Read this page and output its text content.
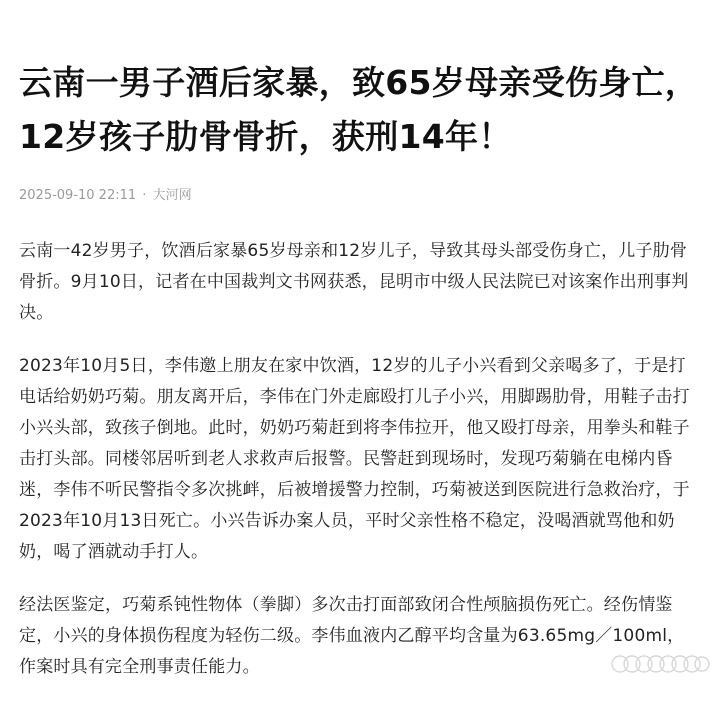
云南一男子酒后家暴，致65岁母亲受伤身亡，12岁孩子肋骨骨折，获刑14年！
2025-09-10 22:11 · 大河网

云南一42岁男子，饮酒后家暴65岁母亲和12岁儿子，导致其母头部受伤身亡，儿子肋骨骨折。9月10日，记者在中国裁判文书网获悉，昆明市中级人民法院已对该案作出刑事判决。

2023年10月5日，李伟邀上朋友在家中饮酒，12岁的儿子小兴看到父亲喝多了，于是打电话给奶奶巧菊。朋友离开后，李伟在门外走廊殴打儿子小兴，用脚踢肋骨，用鞋子击打小兴头部，致孩子倒地。此时，奶奶巧菊赶到将李伟拉开，他又殴打母亲，用拳头和鞋子击打头部。同楼邻居听到老人求救声后报警。民警赶到现场时，发现巧菊躺在电梯内昏迷，李伟不听民警指令多次挑衅，后被增援警力控制，巧菊被送到医院进行急救治疗，于2023年10月13日死亡。小兴告诉办案人员，平时父亲性格不稳定，没喝酒就骂他和奶奶，喝了酒就动手打人。

经法医鉴定，巧菊系钝性物体（拳脚）多次击打面部致闭合性颅脑损伤死亡。经伤情鉴定，小兴的身体损伤程度为轻伤二级。李伟血液内乙醇平均含量为63.65mg／100ml，作案时具有完全刑事责任能力。
